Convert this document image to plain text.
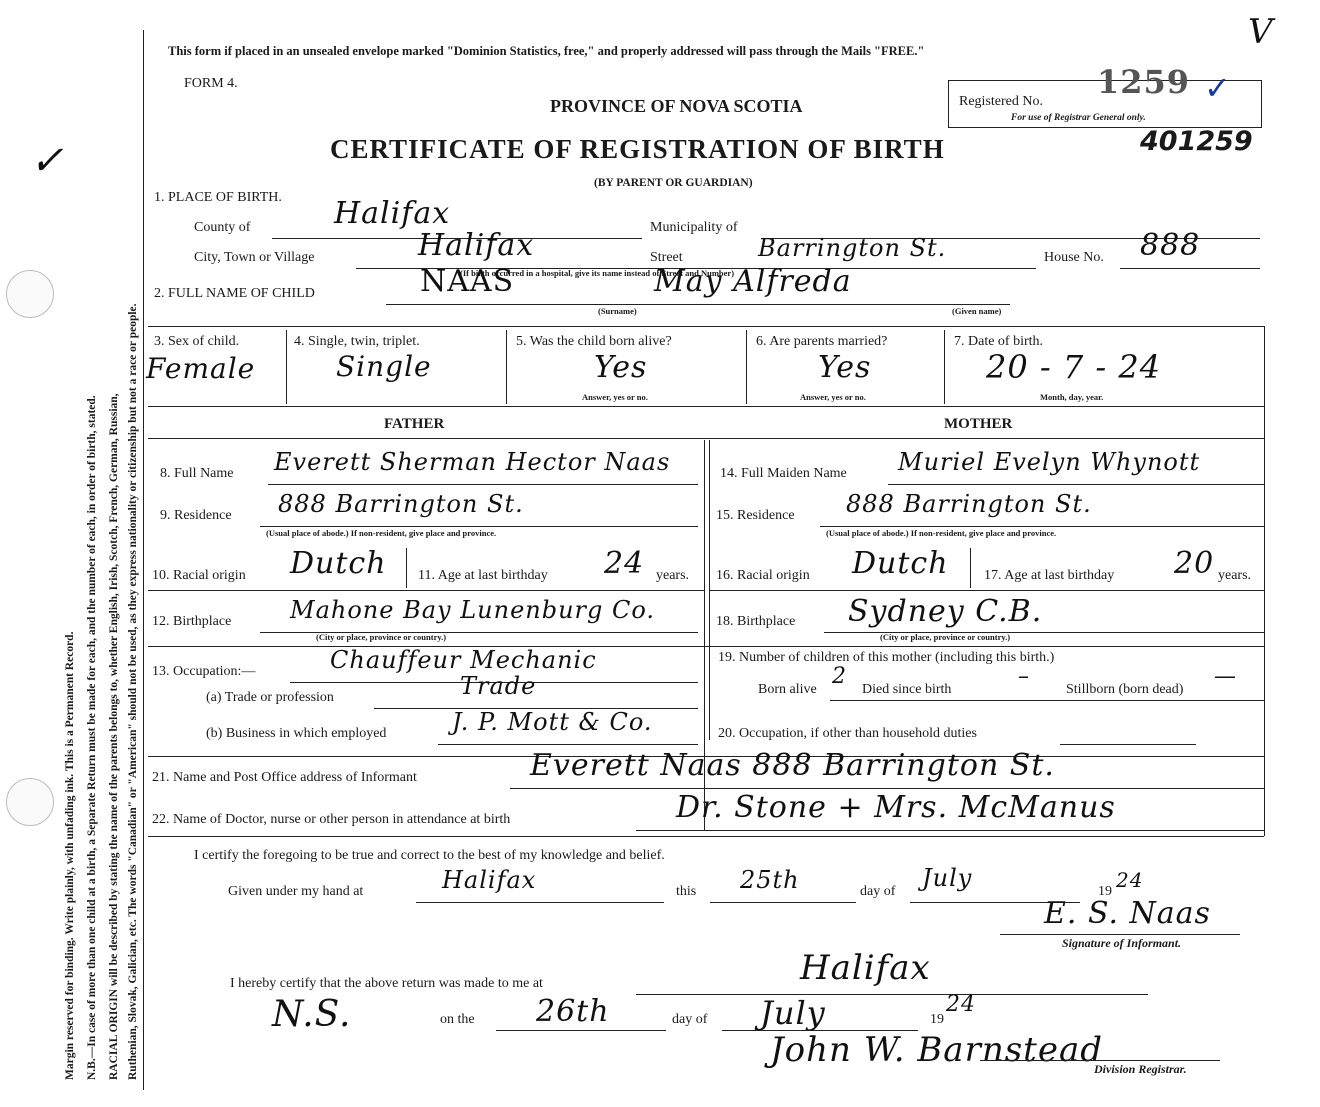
Margin reserved for binding. Write plainly, with unfading ink. This is a Permanent Record. N.B.—In case of more than one child at a birth, a Separate Return must be made for each, and the number of each, in order of birth, stated. RACIAL ORIGIN will be described by stating the name of the parents belongs to, whether English, Irish, Scotch, French, German, Russian, Ruthenian, Slovak, Galician, etc. The words "Canadian" or "American" should not be used, as they express nationality or citizenship but not a race or people.
✓
V
This form if placed in an unsealed envelope marked "Dominion Statistics, free," and properly addressed will pass through the Mails "FREE."
FORM 4.
PROVINCE OF NOVA SCOTIA
CERTIFICATE OF REGISTRATION OF BIRTH
(BY PARENT OR GUARDIAN)
Registered No.
1259 ✓
For use of Registrar General only.
401259
1. PLACE OF BIRTH.
County of	Halifax	Municipality of
City, Town or Village	Halifax	Street	Barrington St.	House No. 888
(If birth occurred in a hospital, give its name instead of Street and Number)
2. FULL NAME OF CHILD	NAAS	May Alfreda
(Surname)	(Given name)
3. Sex of child.
Female
4. Single, twin, triplet.
Single
5. Was the child born alive?
Yes
Answer, yes or no.
6. Are parents married?
Yes
Answer, yes or no.
7. Date of birth.
20 - 7 - 24
Month, day, year.
FATHER	MOTHER
8. Full Name Everett Sherman Hector Naas	14. Full Maiden Name Muriel Evelyn Whynott
9. Residence 888 Barrington St.
(Usual place of abode.) If non-resident, give place and province.
15. Residence 888 Barrington St.
(Usual place of abode.) If non-resident, give place and province.
10. Racial origin Dutch 11. Age at last birthday 24 years. 16. Racial origin Dutch	17. Age at last birthday 20 years.
12. Birthplace Mahone Bay Lunenburg Co.
(City or place, province or country.)
18. Birthplace Sydney C.B.
(City or place, province or country.)
13. Occupation:—	Chauffeur Mechanic
(a) Trade or profession	Trade
(b) Business in which employed	J. P. Mott & Co.
19. Number of children of this mother (including this birth.)
Born alive
2
Died since birth
–
Stillborn (born dead)
—
20. Occupation, if other than household duties
21. Name and Post Office address of Informant	Everett Naas 888 Barrington St.
22. Name of Doctor, nurse or other person in attendance at birth	Dr. Stone + Mrs. McManus
I certify the foregoing to be true and correct to the best of my knowledge and belief.
Given under my hand at	Halifax	this 25th	day of July	19 24
E. S. Naas
Signature of Informant.
I hereby certify that the above return was made to me at	Halifax
N.S.	on the 26th	day of July	19
24
John W. Barnstead
Division Registrar.
